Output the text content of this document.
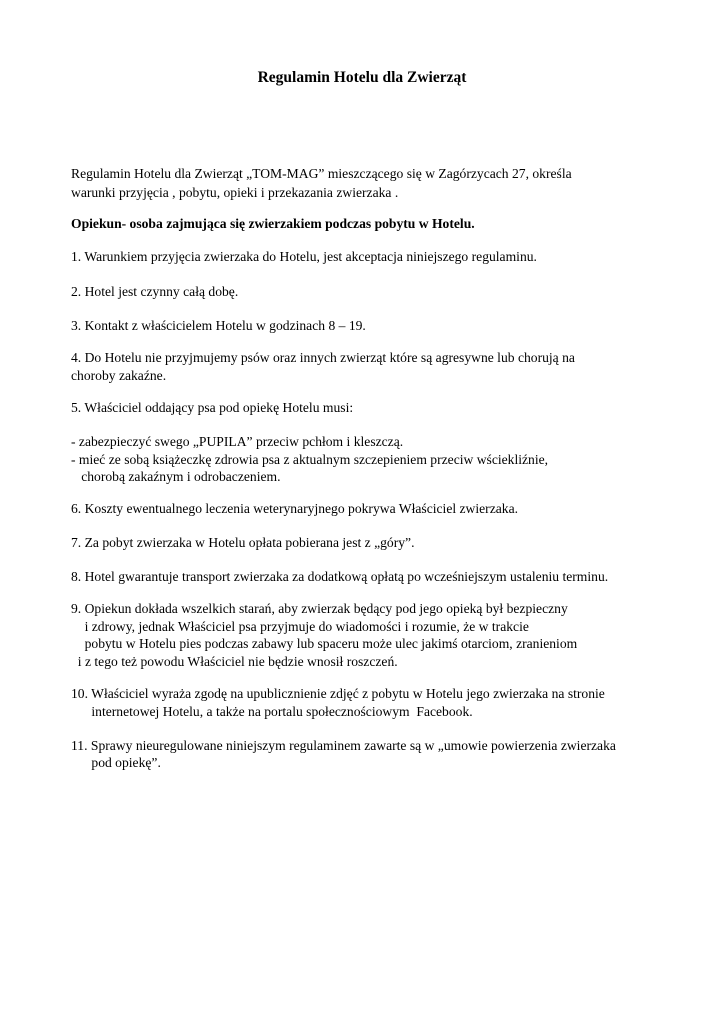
Regulamin Hotelu dla Zwierząt
Regulamin Hotelu dla Zwierząt „TOM-MAG” mieszczącego się w Zagórzycach 27, określa
warunki przyjęcia , pobytu, opieki i przekazania zwierzaka .
Opiekun- osoba zajmująca się zwierzakiem podczas pobytu w Hotelu.
1. Warunkiem przyjęcia zwierzaka do Hotelu, jest akceptacja niniejszego regulaminu.
2. Hotel jest czynny całą dobę.
3. Kontakt z właścicielem Hotelu w godzinach 8 – 19.
4. Do Hotelu nie przyjmujemy psów oraz innych zwierząt które są agresywne lub chorują na
choroby zakaźne.
5. Właściciel oddający psa pod opiekę Hotelu musi:
- zabezpieczyć swego „PUPILA” przeciw pchłom i kleszczą.
- mieć ze sobą książeczkę zdrowia psa z aktualnym szczepieniem przeciw wściekliźnie,
chorobą zakaźnym i odrobaczeniem.
6. Koszty ewentualnego leczenia weterynaryjnego pokrywa Właściciel zwierzaka.
7. Za pobyt zwierzaka w Hotelu opłata pobierana jest z „góry”.
8. Hotel gwarantuje transport zwierzaka za dodatkową opłatą po wcześniejszym ustaleniu terminu.
9. Opiekun dokłada wszelkich starań, aby zwierzak będący pod jego opieką był bezpieczny
i zdrowy, jednak Właściciel psa przyjmuje do wiadomości i rozumie, że w trakcie
pobytu w Hotelu pies podczas zabawy lub spaceru może ulec jakimś otarciom, zranieniom
i z tego też powodu Właściciel nie będzie wnosił roszczeń.
10. Właściciel wyraża zgodę na upublicznienie zdjęć z pobytu w Hotelu jego zwierzaka na stronie
internetowej Hotelu, a także na portalu społecznościowym  Facebook.
11. Sprawy nieuregulowane niniejszym regulaminem zawarte są w „umowie powierzenia zwierzaka
pod opiekę”.
